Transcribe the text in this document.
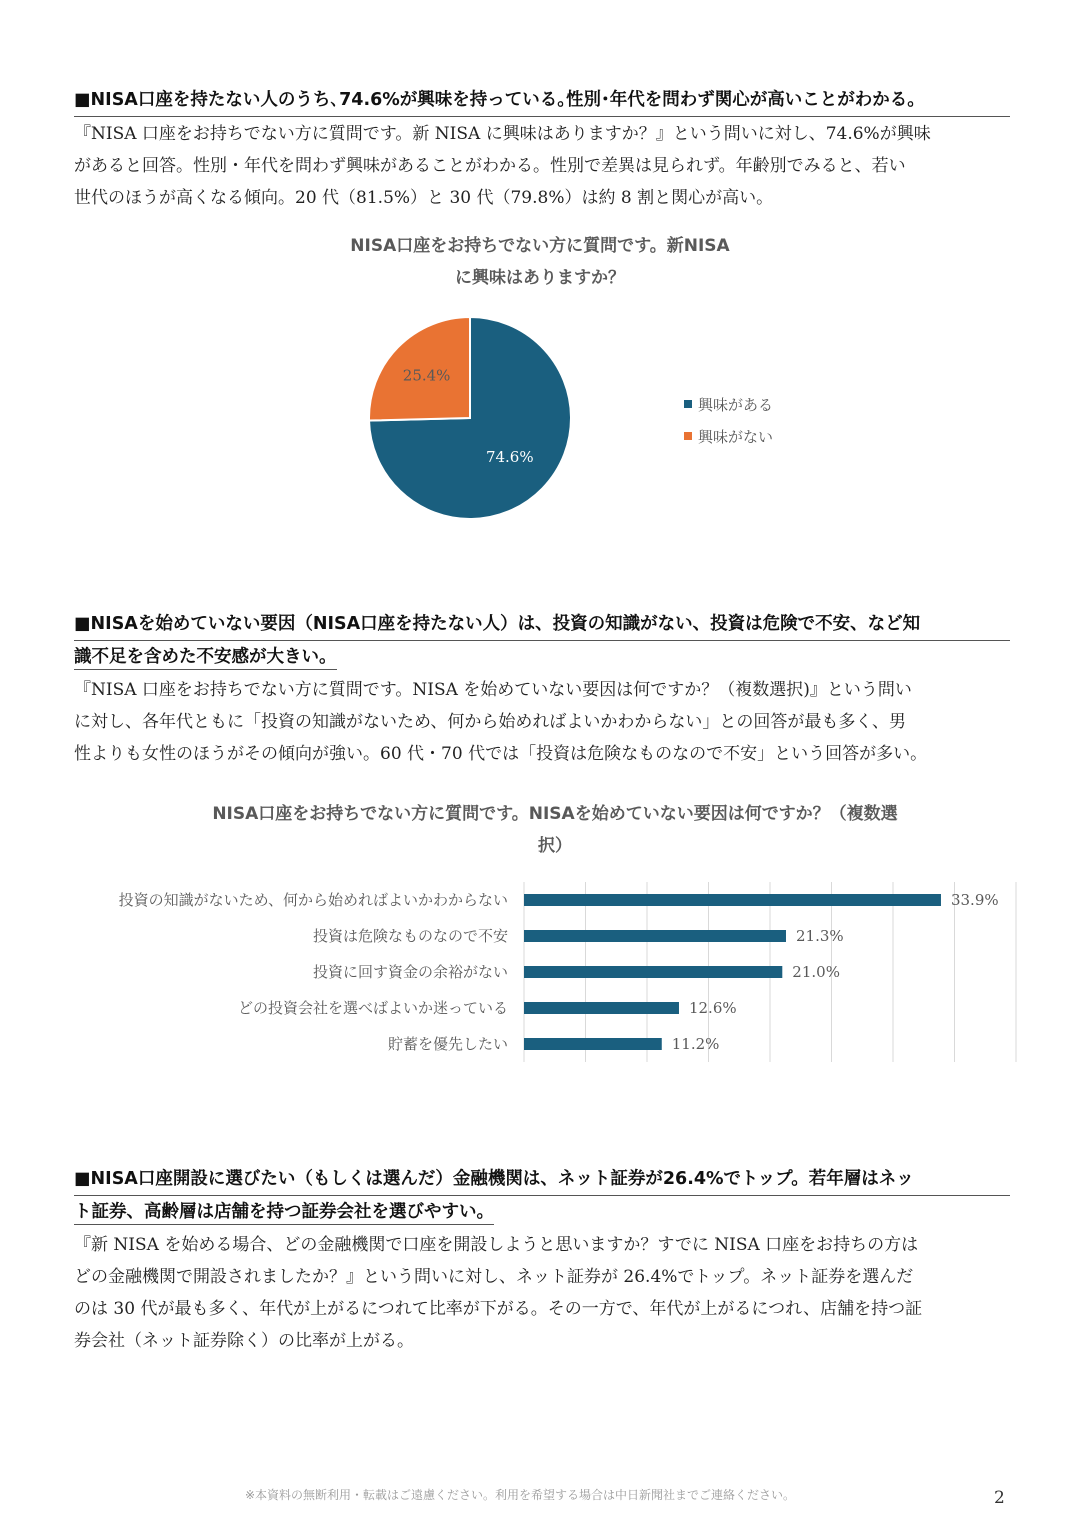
■NISA口座を持たない人のうち､74.6%が興味を持っている｡性別･年代を問わず関心が高いことがわかる｡
『NISA 口座をお持ちでない方に質問です。新 NISA に興味はありますか？』という問いに対し、74.6%が興味
があると回答。性別・年代を問わず興味があることがわかる。性別で差異は見られず。年齢別でみると、若い
世代のほうが高くなる傾向。20 代（81.5%）と 30 代（79.8%）は約 8 割と関心が高い。
NISA口座をお持ちでない方に質問です。新NISA
に興味はありますか？
74.6%
25.4%
興味がある
興味がない
■NISAを始めていない要因（NISA口座を持たない人）は、投資の知識がない、投資は危険で不安、など知
識不足を含めた不安感が大きい。
『NISA 口座をお持ちでない方に質問です。NISA を始めていない要因は何ですか？（複数選択)』という問い
に対し、各年代ともに「投資の知識がないため、何から始めればよいかわからない」との回答が最も多く、男
性よりも女性のほうがその傾向が強い。60 代・70 代では「投資は危険なものなので不安」という回答が多い。
NISA口座をお持ちでない方に質問です。NISAを始めていない要因は何ですか？（複数選
択）
投資の知識がないため、何から始めればよいかわからない
投資は危険なものなので不安
投資に回す資金の余裕がない
どの投資会社を選べばよいか迷っている
貯蓄を優先したい
33.9%
21.3%
21.0%
12.6%
11.2%
■NISA口座開設に選びたい（もしくは選んだ）金融機関は、ネット証券が26.4%でトップ。若年層はネッ
ト証券、高齢層は店舗を持つ証券会社を選びやすい。
『新 NISA を始める場合、どの金融機関で口座を開設しようと思いますか？すでに NISA 口座をお持ちの方は
どの金融機関で開設されましたか？』という問いに対し、ネット証券が 26.4%でトップ。ネット証券を選んだ
のは 30 代が最も多く、年代が上がるにつれて比率が下がる。その一方で、年代が上がるにつれ、店舗を持つ証
券会社（ネット証券除く）の比率が上がる。
※本資料の無断利用・転載はご遠慮ください。利用を希望する場合は中日新聞社までご連絡ください。	2
